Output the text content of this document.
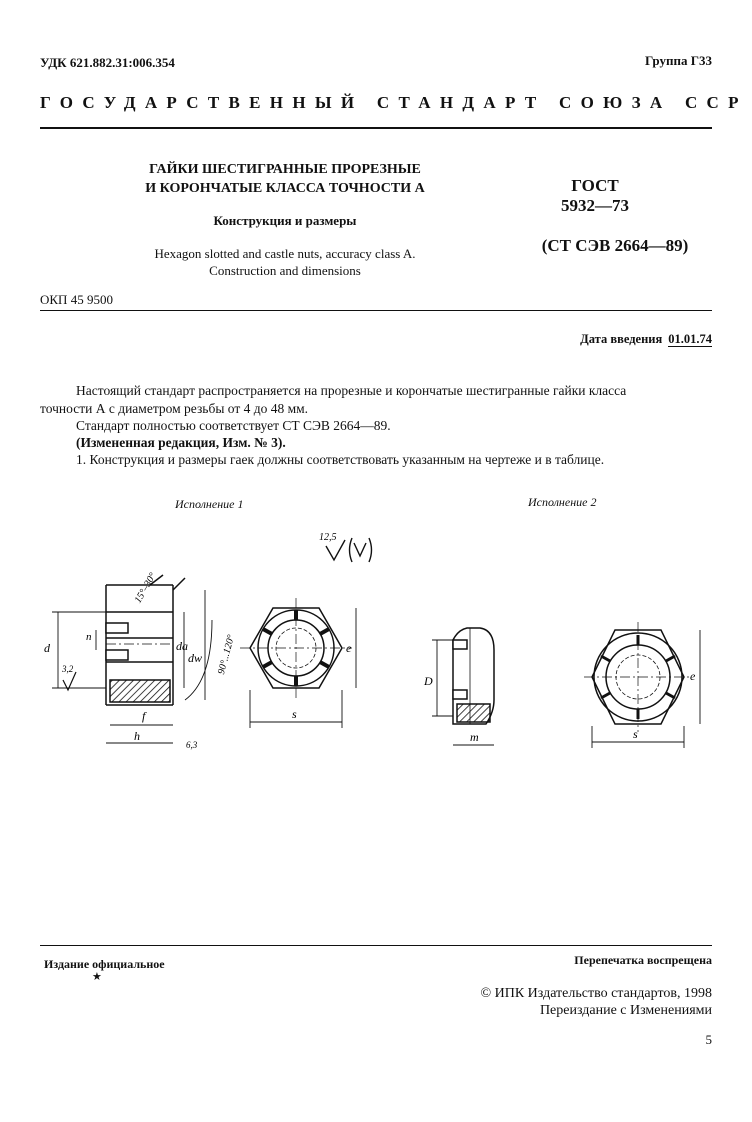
УДК 621.882.31:006.354	Группа Г33
ГОСУДАРСТВЕННЫЙ СТАНДАРТ СОЮЗА ССР
ГАЙКИ ШЕСТИГРАННЫЕ ПРОРЕЗНЫЕ
И КОРОНЧАТЫЕ КЛАССА ТОЧНОСТИ А
Конструкция и размеры
Hexagon slotted and castle nuts, accuracy class A.
Construction and dimensions
ГОСТ
5932—73
(СТ СЭВ 2664—89)
ОКП 45 9500
Дата введения 01.01.74
Настоящий стандарт распространяется на прорезные и корончатые шестигранные гайки класса
точности А с диаметром резьбы от 4 до 48 мм.
Стандарт полностью соответствует СТ СЭВ 2664—89.
(Измененная редакция, Изм. № 3).
1. Конструкция и размеры гаек должны соответствовать указанным на чертеже и в таблице.
Исполнение 1	Исполнение 2
12,5
3,2
6,3
15°–30°
90°...120°
d
n
da
dw
f
h
s
e
D
m	s
e
Издание официальное
★
Перепечатка воспрещена
© ИПК Издательство стандартов, 1998
Переиздание с Изменениями
5
